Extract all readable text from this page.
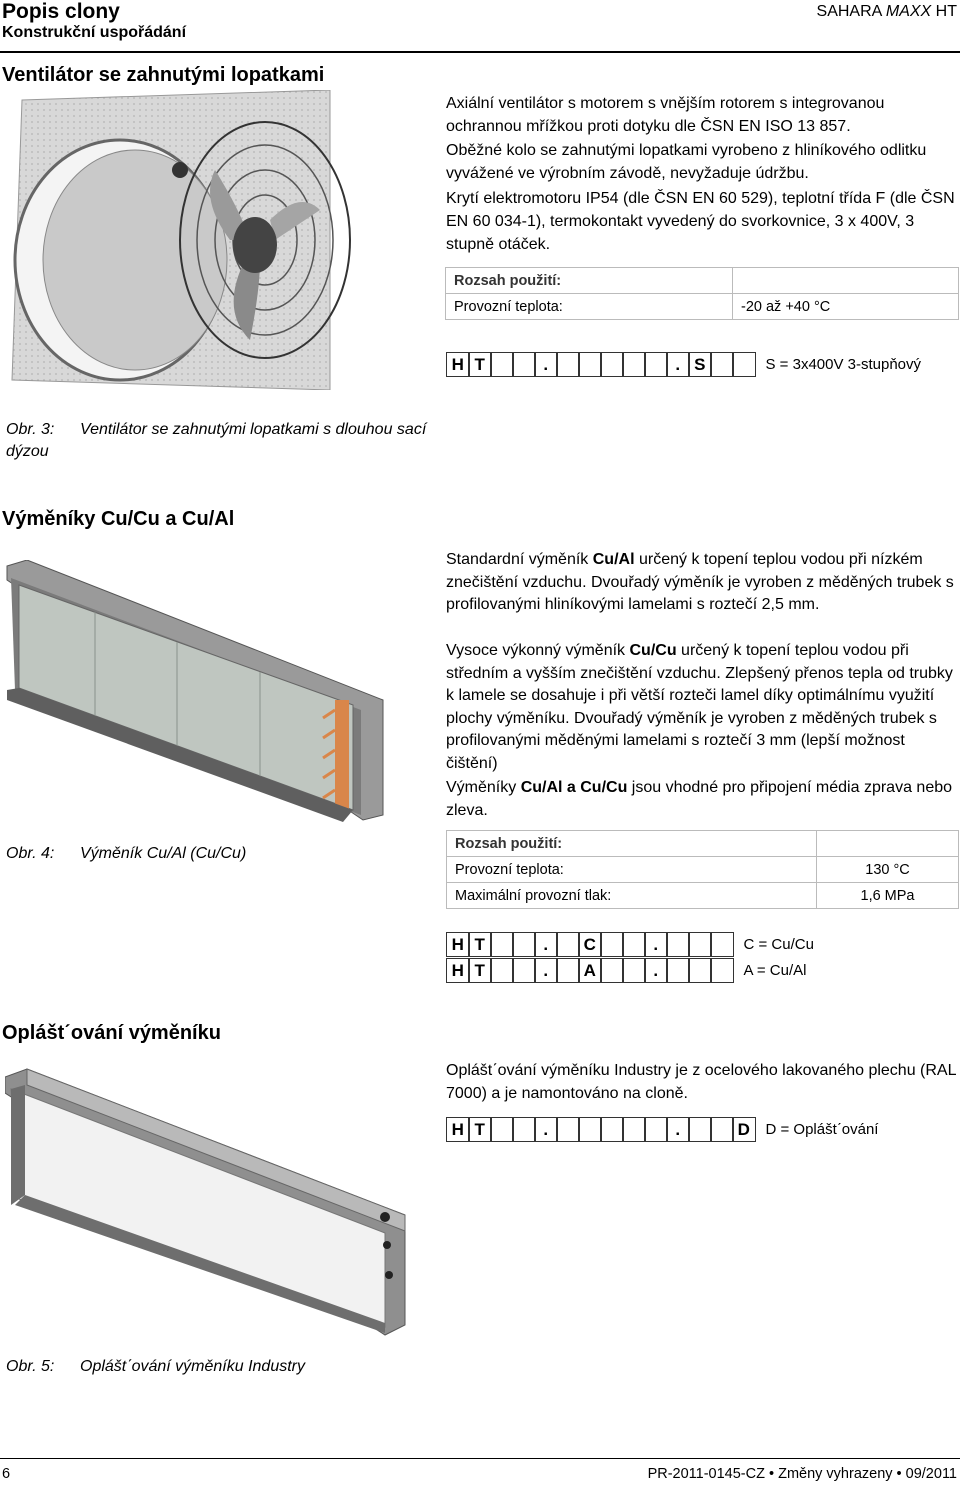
Popis clony
Konstrukční uspořádání
SAHARA MAXX HT
Ventilátor se zahnutými lopatkami

Axiální ventilátor s motorem s vnějším rotorem s integrovanou ochrannou mřížkou proti dotyku dle ČSN EN ISO 13 857.

Oběžné kolo se zahnutými lopatkami vyrobeno z hliníkového odlitku vyvážené ve výrobním závodě, nevyžaduje údržbu.

Krytí elektromotoru IP54 (dle ČSN EN 60 529), teplotní třída F (dle ČSN EN 60 034-1), termokontakt vyvedený do svorkovnice, 3 x 400V, 3 stupně otáček.

Rozsah použití:	
Provozní teplota:	-20 až +40 °C
H T	.	. S	S = 3x400V 3-stupňový
Obr. 3: Ventilátor se zahnutými lopatkami s dlouhou sací dýzou
Výměníky Cu/Cu a Cu/Al

Standardní výměník Cu/Al určený k topení teplou vodou při nízkém znečištění vzduchu. Dvouřadý výměník je vyroben z měděných trubek s profilovanými hliníkovými lamelami s roztečí 2,5 mm.

Vysoce výkonný výměník Cu/Cu určený k topení teplou vodou při středním a vyšším znečištění vzduchu. Zlepšený přenos tepla od trubky k lamele se dosahuje i při větší rozteči lamel díky optimálnímu využití plochy výměníku. Dvouřadý výměník je vyroben z měděných trubek s profilovanými měděnými lamelami s roztečí 3 mm (lepší možnost čištění)

Výměníky Cu/Al a Cu/Cu jsou vhodné pro připojení média zprava nebo zleva.

Rozsah použití:	
Provozní teplota:	130 °C
Maximální provozní tlak:	1,6 MPa
Obr. 4: Výměník Cu/Al (Cu/Cu)
H T	.	C	.	C = Cu/Cu
H T	.	A	.	A = Cu/Al
Opláštˊování výměníku

Opláštˊování výměníku Industry je z ocelového lakovaného plechu (RAL 7000) a je namontováno na cloně.

H T	.	.	D	D = Opláštˊování
Obr. 5: Opláštˊování výměníku Industry
6	PR-2011-0145-CZ • Změny vyhrazeny • 09/2011
